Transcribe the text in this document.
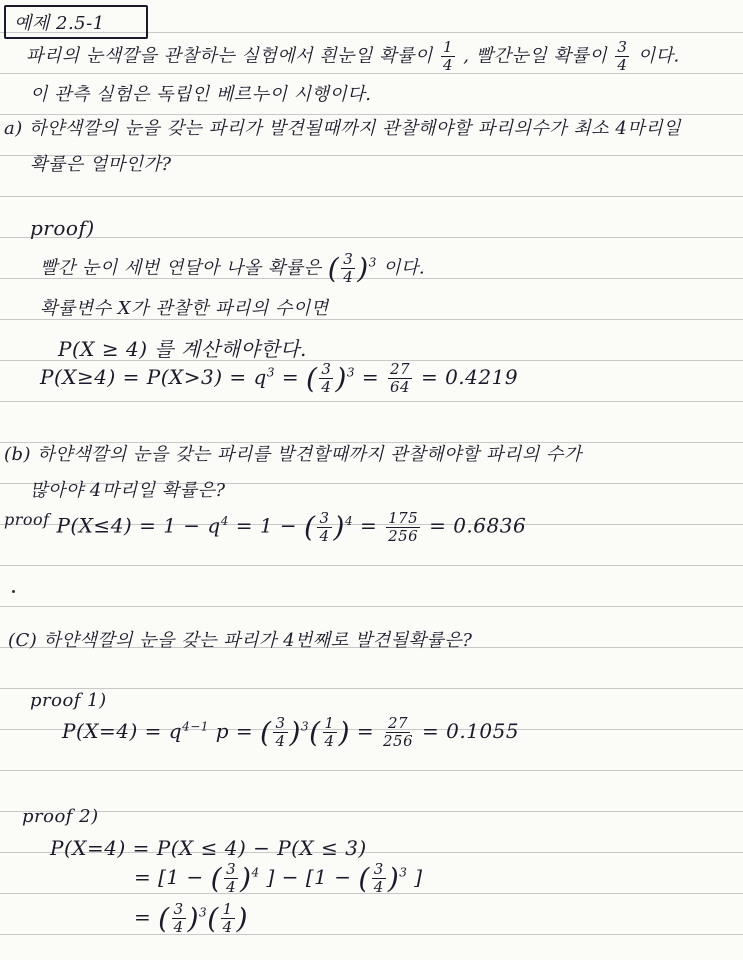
예제 2.5-1
파리의 눈색깔을 관찰하는 실험에서 흰눈일 확률이 $\frac{1}{4}$ , 빨간눈일 확률이 $\frac{3}{4}$ 이다.
이 관측 실험은 독립인 베르누이 시행이다.
a) 하얀색깔의 눈을 갖는 파리가 발견될때까지 관찰해야할 파리의수가 최소 4마리일
확률은 얼마인가?
proof)
빨간 눈이 세번 연달아 나올 확률은 ( $\frac{3}{4} )^3$ 이다.
확률변수 X가 관찰한 파리의 수이면
P(X ≥ 4) 를 계산해야한다.
$P(X\ge 4) = P(X>3) = q^3$ = ( $\frac{3}{4} )^3 = \frac{27}{64} = 0.4219$
(b) 하얀색깔의 눈을 갖는 파리를 발견할때까지 관찰해야할 파리의 수가
많아야 4마리일 확률은?
$^{proof}$ $P(X\le 4) = 1 - q^4 = 1$ − ( $\frac{3}{4} )^4 = \frac{175}{256} = 0.6836$
(C) 하얀색깔의 눈을 갖는 파리가 4번째로 발견될확률은?
proof 1)
$P(X=4) = q^{4-1}$ p = ( $\frac{3}{4} )^3( \frac{1}{4}$ ) = $\frac{27}{256} = 0.1055$
proof 2)
P(X=4) = P(X ≤ 4) − P(X ≤ 3)
= [1 − ( $\frac{3}{4} )^4$ ] − [1 − ( $\frac{3}{4} )^3$ ]
= ( $\frac{3}{4} )^3( \frac{1}{4}$ )
